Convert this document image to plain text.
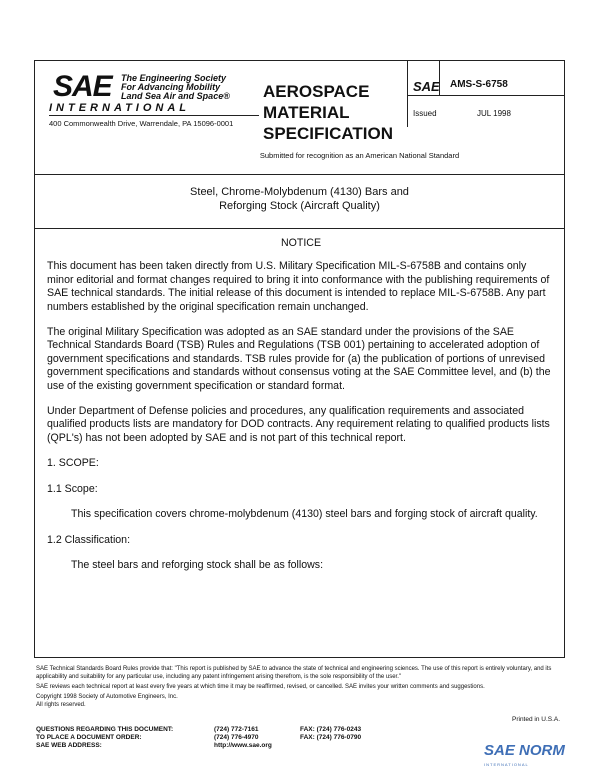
SAE The Engineering Society
For Advancing Mobility
Land Sea Air and Space®
INTERNATIONAL
400 Commonwealth Drive, Warrendale, PA 15096-0001
AEROSPACE
MATERIAL
SPECIFICATION
SAE AMS-S-6758
Issued	JUL 1998
Submitted for recognition as an American National Standard
Steel, Chrome-Molybdenum (4130) Bars and
Reforging Stock (Aircraft Quality)
NOTICE

This document has been taken directly from U.S. Military Specification MIL-S-6758B and contains only minor editorial and format changes required to bring it into conformance with the publishing requirements of SAE technical standards. The initial release of this document is intended to replace MIL-S-6758B. Any part numbers established by the original specification remain unchanged.

The original Military Specification was adopted as an SAE standard under the provisions of the SAE Technical Standards Board (TSB) Rules and Regulations (TSB 001) pertaining to accelerated adoption of government specifications and standards. TSB rules provide for (a) the publication of portions of unrevised government specifications and standards without consensus voting at the SAE Committee level, and (b) the use of the existing government specification or standard format.

Under Department of Defense policies and procedures, any qualification requirements and associated qualified products lists are mandatory for DOD contracts. Any requirement relating to qualified products lists (QPL's) has not been adopted by SAE and is not part of this technical report.

1. SCOPE:

1.1 Scope:

This specification covers chrome-molybdenum (4130) steel bars and forging stock of aircraft quality.

1.2 Classification:

The steel bars and reforging stock shall be as follows:

SAE Technical Standards Board Rules provide that: "This report is published by SAE to advance the state of technical and engineering sciences. The use of this report is entirely voluntary, and its applicability and suitability for any particular use, including any patent infringement arising therefrom, is the sole responsibility of the user."

SAE reviews each technical report at least every five years at which time it may be reaffirmed, revised, or cancelled. SAE invites your written comments and suggestions.

Copyright 1998 Society of Automotive Engineers, Inc.

All rights reserved.

Printed in U.S.A.
QUESTIONS REGARDING THIS DOCUMENT:
TO PLACE A DOCUMENT ORDER:
SAE WEB ADDRESS:
(724) 772-7161
(724) 776-4970
http://www.sae.org
FAX: (724) 776-0243
FAX: (724) 776-0790
SAE NORM
INTERNATIONAL
